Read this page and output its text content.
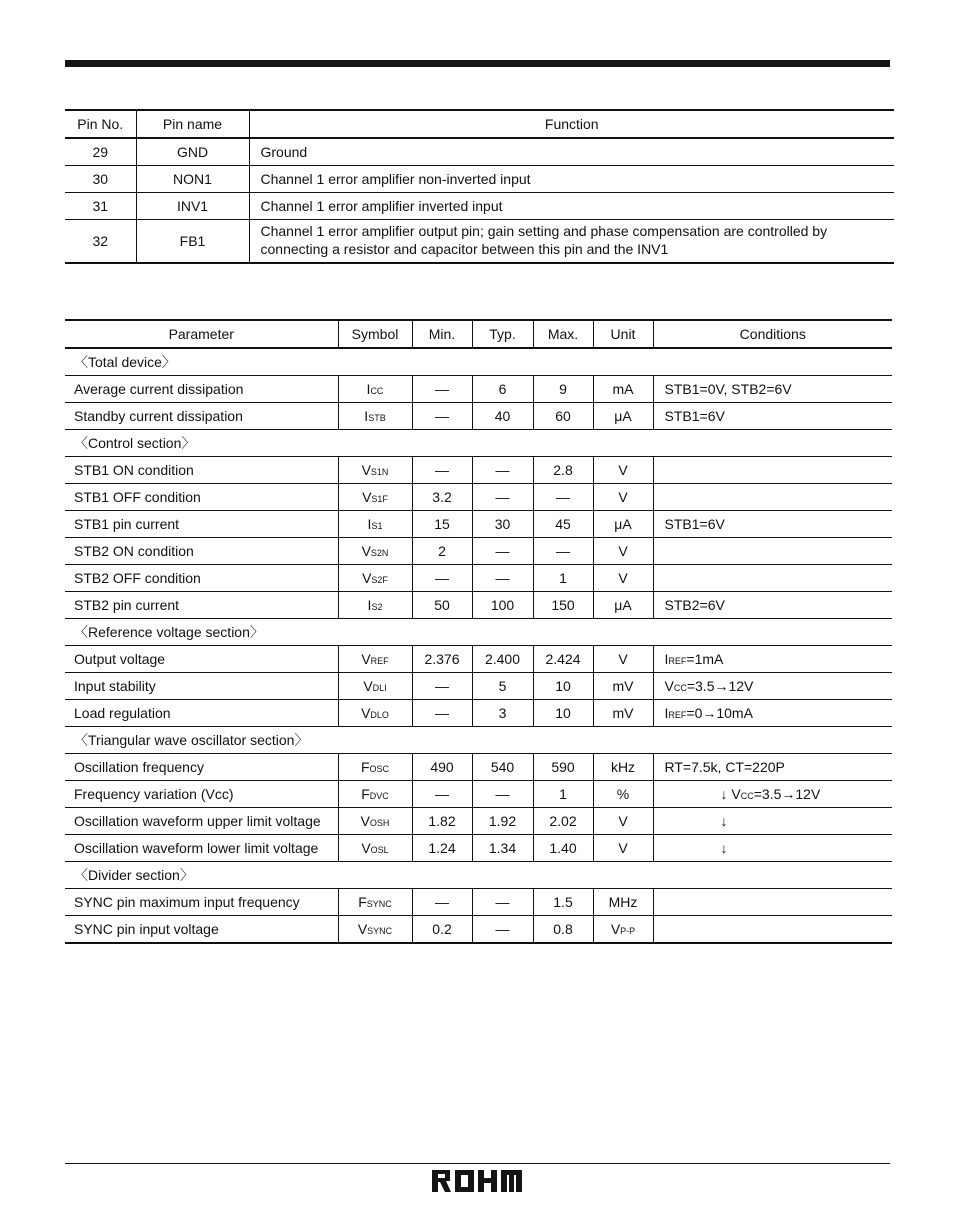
Pin No.	Pin name	Function
29	GND	Ground
30	NON1	Channel 1 error amplifier non-inverted input
31	INV1	Channel 1 error amplifier inverted input
32	FB1	Channel 1 error amplifier output pin; gain setting and phase compensation are controlled by
connecting a resistor and capacitor between this pin and the INV1
Parameter	Symbol	Min.	Typ.	Max.	Unit	Conditions
〈Total device〉						
Average current dissipation	ICC	—	6	9	mA	STB1=0V, STB2=6V
Standby current dissipation	ISTB	—	40	60	μA	STB1=6V
〈Control section〉						
STB1 ON condition	VS1N	—	—	2.8	V	
STB1 OFF condition	VS1F	3.2	—	—	V	
STB1 pin current	IS1	15	30	45	μA	STB1=6V
STB2 ON condition	VS2N	2	—	—	V	
STB2 OFF condition	VS2F	—	—	1	V	
STB2 pin current	IS2	50	100	150	μA	STB2=6V
〈Reference voltage section〉						
Output voltage	VREF	2.376	2.400	2.424	V	IREF=1mA
Input stability	VDLI	—	5	10	mV	VCC=3.5→12V
Load regulation	VDLO	—	3	10	mV	IREF=0→10mA
〈Triangular wave oscillator section〉						
Oscillation frequency	FOSC	490	540	590	kHz	RT=7.5k, CT=220P
Frequency variation (Vcc)	FDVC	—	—	1	%	↓ VCC=3.5→12V
Oscillation waveform upper limit voltage	VOSH	1.82	1.92	2.02	V	↓
Oscillation waveform lower limit voltage	VOSL	1.24	1.34	1.40	V	↓
〈Divider section〉						
SYNC pin maximum input frequency	FSYNC	—	—	1.5	MHz	
SYNC pin input voltage	VSYNC	0.2	—	0.8	VP-P	
